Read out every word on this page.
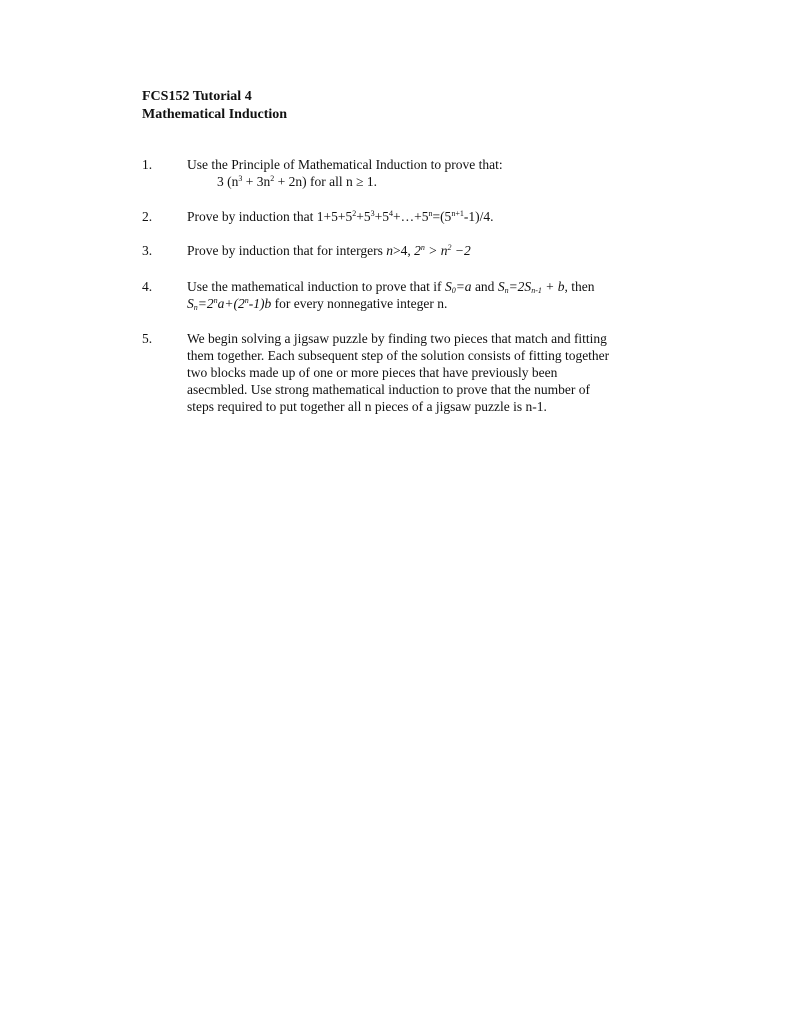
FCS152 Tutorial 4
Mathematical Induction
1.	Use the Principle of Mathematical Induction to prove that:
3 $(n^3 + 3n^2 + 2n)$ for all n ≥ 1.
2.	Prove by induction that $1+5+5^2+5^3+5^4+\dots+5^n=(5^{n+1}-1)/4$.
3.	Prove by induction that for intergers n>4, $2^n > n^2 -2$
4.	Use the mathematical induction to prove that if $S_0=a$ and $S_n=2S_{n-1} + b$, then
$S_n=2^na+(2^n-1)b$ for every nonnegative integer n.
5.	We begin solving a jigsaw puzzle by finding two pieces that match and fitting
them together. Each subsequent step of the solution consists of fitting together
two blocks made up of one or more pieces that have previously been
asecmbled. Use strong mathematical induction to prove that the number of
steps required to put together all n pieces of a jigsaw puzzle is n-1.
